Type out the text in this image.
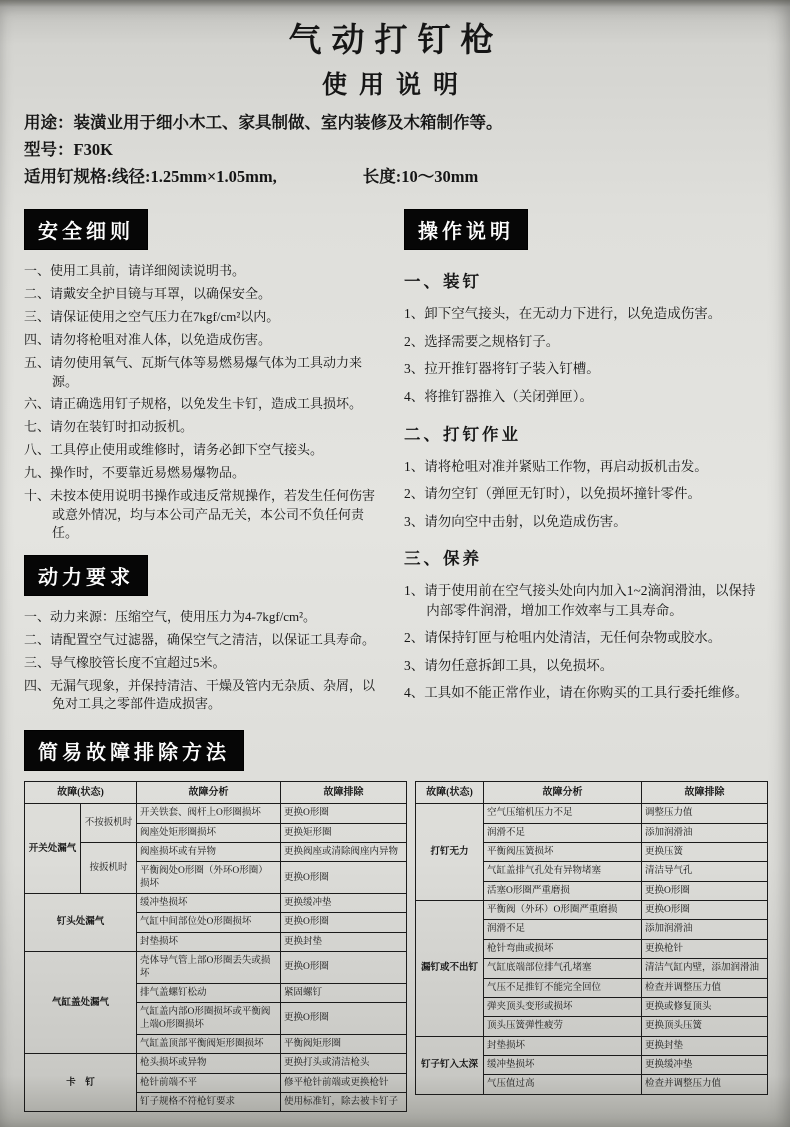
气动打钉枪
使用说明
用途：装潢业用于细小木工、家具制做、室内装修及木箱制作等。
型号：F30K
适用钉规格:线径:1.25mm×1.05mm,	长度:10～30mm
安全细则
一、使用工具前，请详细阅读说明书。
二、请戴安全护目镜与耳罩，以确保安全。
三、请保证使用之空气压力在7kgf/cm²以内。
四、请勿将枪咀对准人体，以免造成伤害。
五、请勿使用氧气、瓦斯气体等易燃易爆气体为工具动力来源。
六、请正确选用钉子规格，以免发生卡钉，造成工具损坏。
七、请勿在装钉时扣动扳机。
八、工具停止使用或维修时，请务必卸下空气接头。
九、操作时，不要靠近易燃易爆物品。
十、未按本使用说明书操作或违反常规操作，若发生任何伤害或意外情况，均与本公司产品无关，本公司不负任何责任。
动力要求
一、动力来源：压缩空气，使用压力为4-7kgf/cm²。
二、请配置空气过滤器，确保空气之清洁，以保证工具寿命。
三、导气橡胶管长度不宜超过5米。
四、无漏气现象，并保持清洁、干燥及管内无杂质、杂屑，以免对工具之零部件造成损害。
操作说明
一、装钉
1、卸下空气接头，在无动力下进行，以免造成伤害。
2、选择需要之规格钉子。
3、拉开推钉器将钉子装入钉槽。
4、将推钉器推入（关闭弹匣）。
二、打钉作业
1、请将枪咀对准并紧贴工作物，再启动扳机击发。
2、请勿空钉（弹匣无钉时），以免损坏撞针零件。
3、请勿向空中击射，以免造成伤害。
三、保养
1、请于使用前在空气接头处向内加入1~2滴润滑油，以保持内部零件润滑，增加工作效率与工具寿命。
2、请保持钉匣与枪咀内处清洁，无任何杂物或胶水。
3、请勿任意拆卸工具，以免损坏。
4、工具如不能正常作业，请在你购买的工具行委托维修。
简易故障排除方法
故障(状态)		故障分析	故障排除
开关处漏气	不按扳机时	开关铁套、阀杆上O形圈损坏	更换O形圈
		阀座处矩形圈损坏	更换矩形圈
	按扳机时	阀座损坏或有异物	更换阀座或清除阀座内异物
		平衡阀处O形圈（外环O形圈）损坏	更换O形圈
钉头处漏气		缓冲垫损坏	更换缓冲垫
		气缸中间部位处O形圈损坏	更换O形圈
		封垫损坏	更换封垫
气缸盖处漏气		壳体导气管上部O形圈丢失或损坏	更换O形圈
		排气盖螺钉松动	紧固螺钉
		气缸盖内部O形圈损坏或平衡阀上端O形圈损坏	更换O形圈
		气缸盖顶部平衡阀矩形圈损坏	平衡阀矩形圈
卡　钉		枪头损坏或异物	更换打头或清洁枪头
		枪针前端不平	修平枪针前端或更换枪针
		钉子规格不符枪钉要求	使用标准钉，除去被卡钉子
故障(状态)	故障分析	故障排除
打钉无力	空气压缩机压力不足	调整压力值
	润滑不足	添加润滑油
	平衡阀压簧损坏	更换压簧
	气缸盖排气孔处有异物堵塞	清洁导气孔
	活塞O形圈严重磨损	更换O形圈
漏钉或不出钉	平衡阀（外环）O形圈严重磨损	更换O形圈
	润滑不足	添加润滑油
	枪针弯曲或损坏	更换枪针
	气缸底端部位排气孔堵塞	清洁气缸内壁，添加润滑油
	气压不足推钉不能完全回位	检查并调整压力值
	弹夹顶头变形或损坏	更换或修复顶头
	顶头压簧弹性疲劳	更换顶头压簧
钉子钉入太深	封垫损坏	更换封垫
	缓冲垫损坏	更换缓冲垫
	气压值过高	检查并调整压力值
